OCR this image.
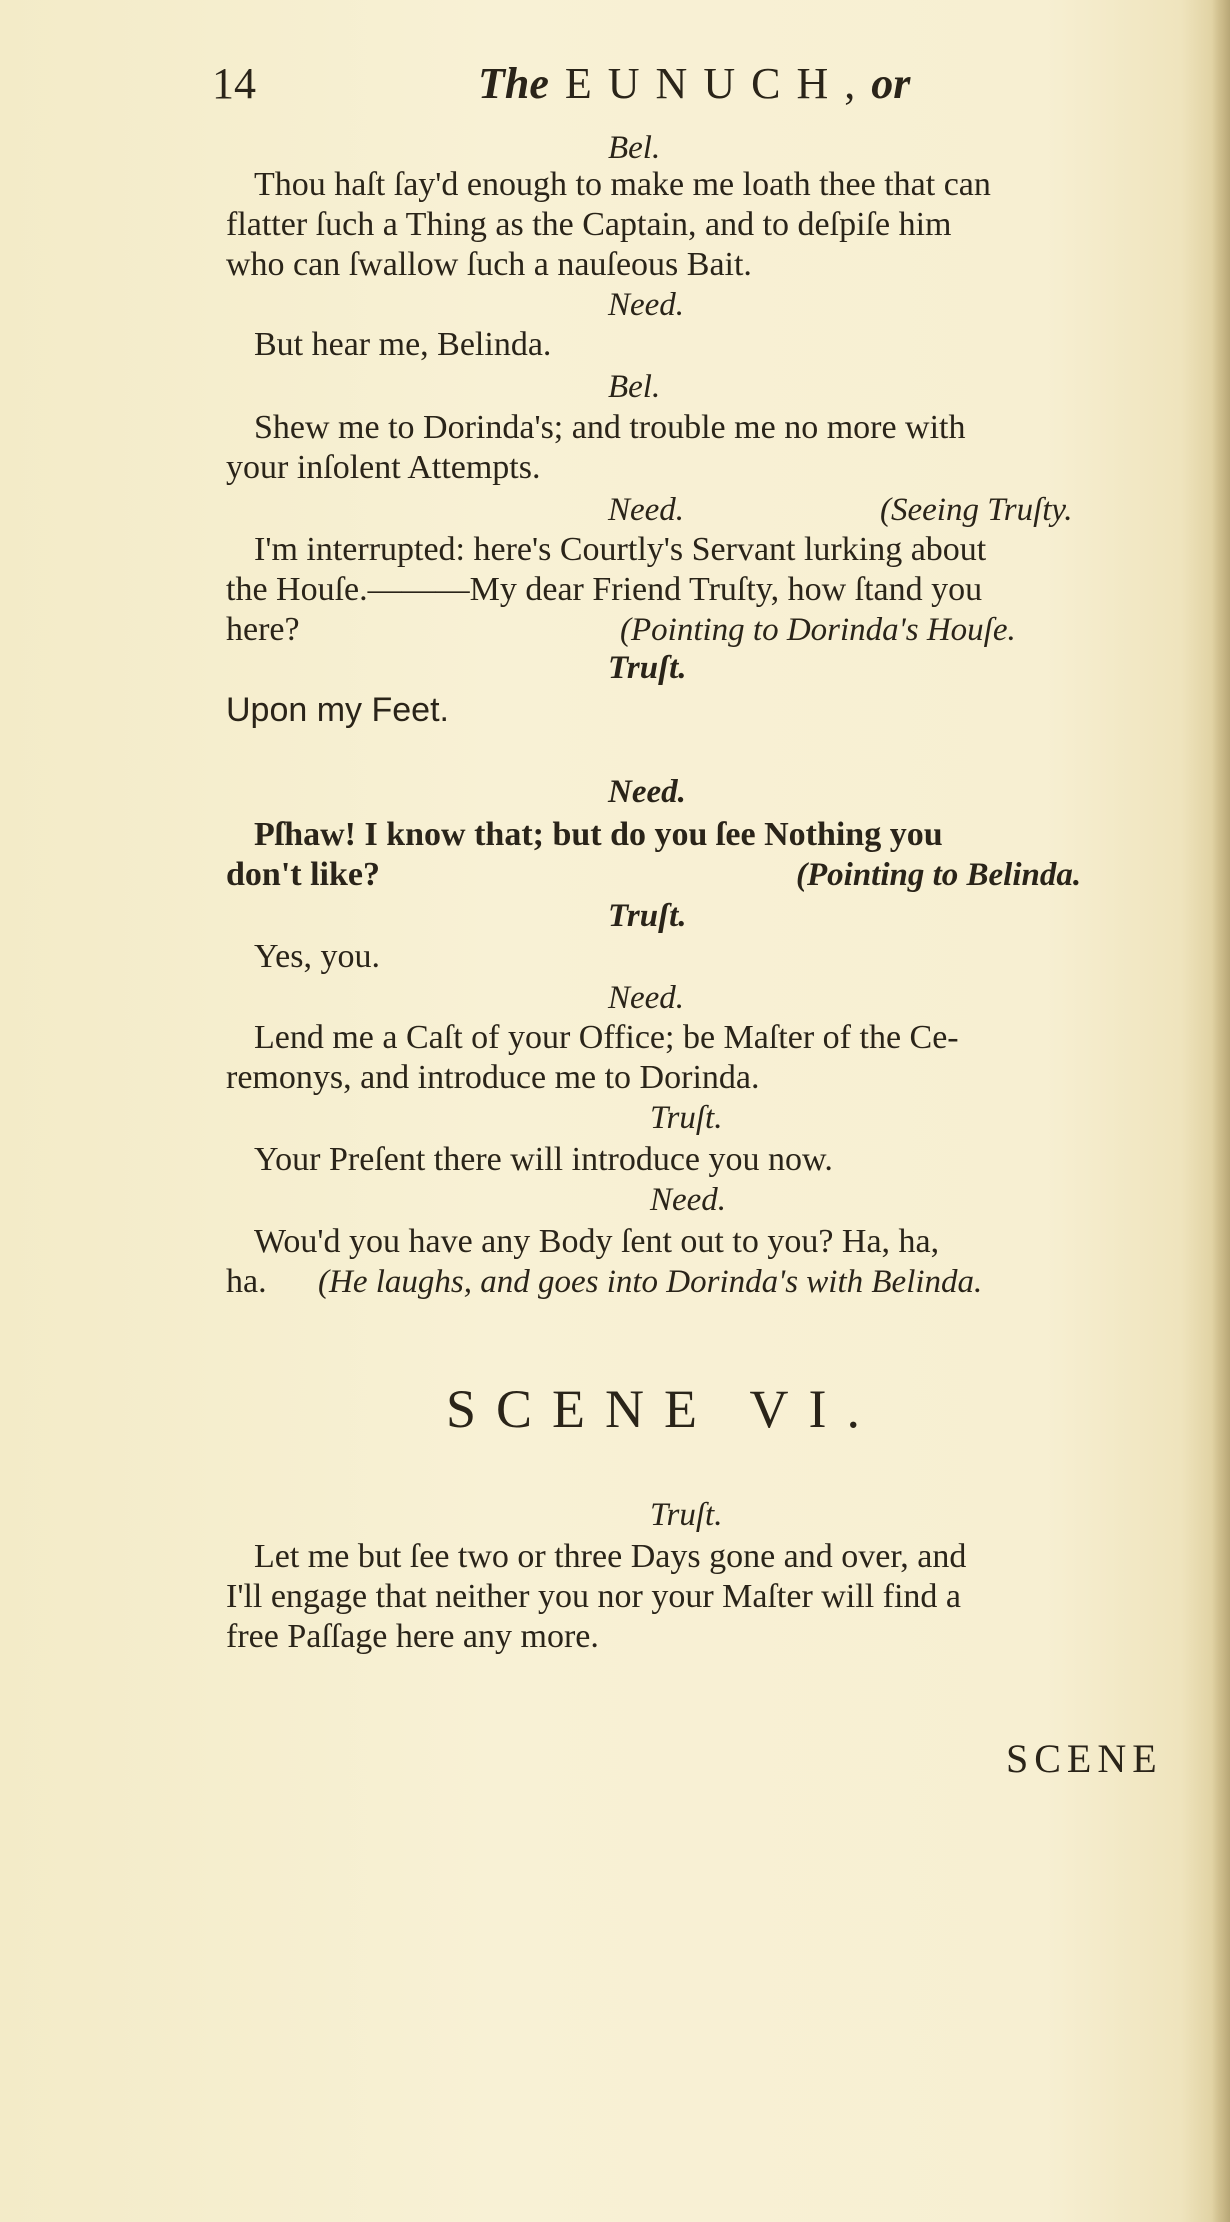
14	The EUNUCH,or
Bel.
Thou haſt ſay'd enough to make me loath thee that can
flatter ſuch a Thing as the Captain, and to deſpiſe him
who can ſwallow ſuch a nauſeous Bait.
Need.
But hear me, Belinda.
Bel.
Shew me to Dorinda's; and trouble me no more with
your inſolent Attempts.
Need.	(Seeing Truſty.
I'm interrupted: here's Courtly's Servant lurking about
the Houſe.———My dear Friend Truſty, how ſtand you
here?	(Pointing to Dorinda's Houſe.
Truſt.
Upon my Feet.
Need.
Pſhaw! I know that; but do you ſee Nothing you
don't like?	(Pointing to Belinda.
Truſt.
Yes, you.
Need.
Lend me a Caſt of your Office; be Maſter of the Ce-
remonys, and introduce me to Dorinda.
Truſt.
Your Preſent there will introduce you now.
Need.
Wou'd you have any Body ſent out to you? Ha, ha,
ha. (He laughs, and goes into Dorinda's with Belinda.
SCENE VI.
Truſt.
Let me but ſee two or three Days gone and over, and
I'll engage that neither you nor your Maſter will find a
free Paſſage here any more.
SCENE
